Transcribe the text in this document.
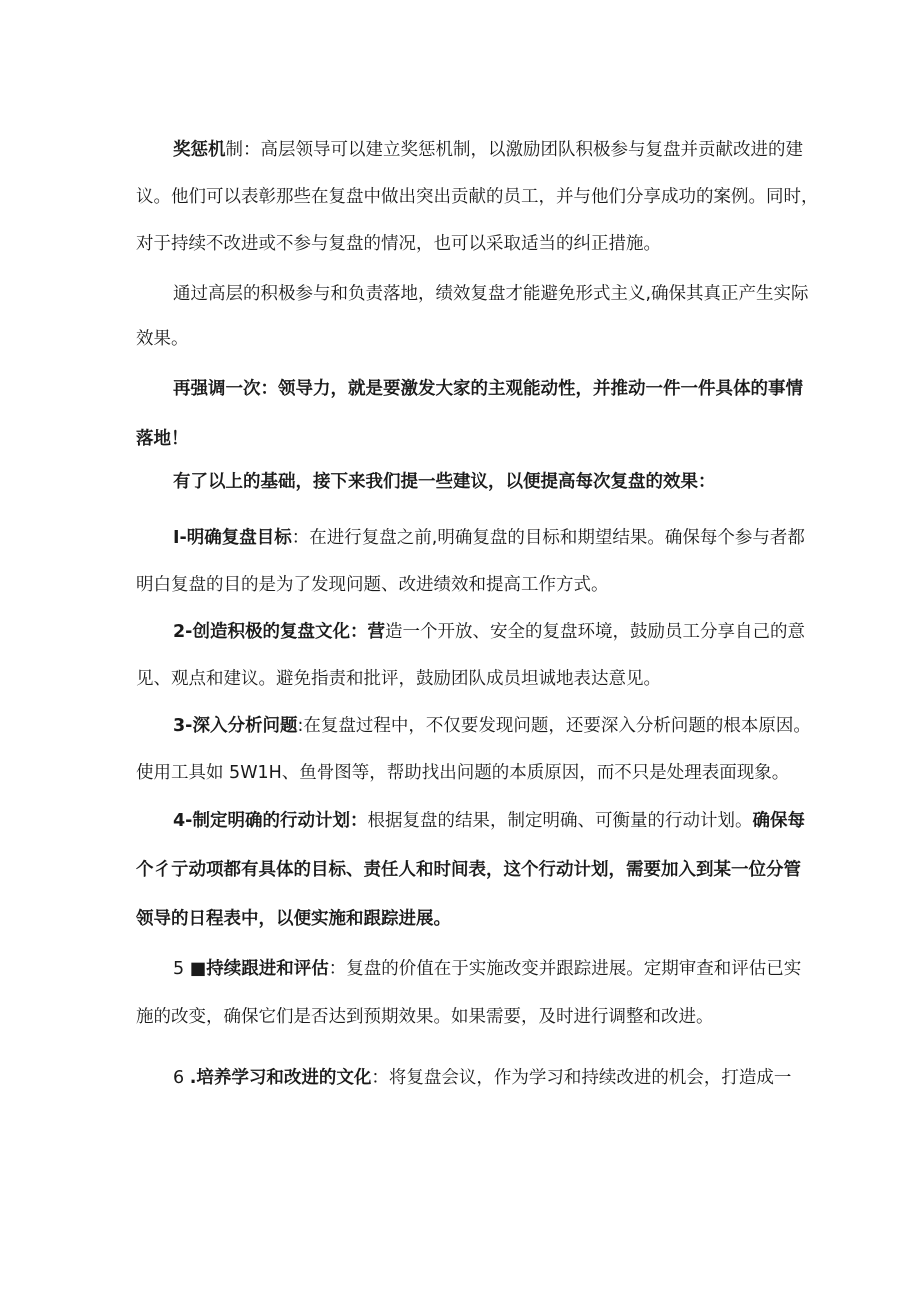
奖惩机制：高层领导可以建立奖惩机制，以激励团队积极参与复盘并贡献改进的建
议。他们可以表彰那些在复盘中做出突出贡献的员工，并与他们分享成功的案例。同时，
对于持续不改进或不参与复盘的情况，也可以采取适当的纠正措施。

通过高层的积极参与和负责落地，绩效复盘才能避免形式主义,确保其真正产生实际
效果。

再强调一次：领导力，就是要激发大家的主观能动性，并推动一件一件具体的事情
落地！

有了以上的基础，接下来我们提一些建议，以便提高每次复盘的效果：

I-明确复盘目标：在进行复盘之前,明确复盘的目标和期望结果。确保每个参与者都
明白复盘的目的是为了发现问题、改进绩效和提高工作方式。

2-创造积极的复盘文化：营造一个开放、安全的复盘环境，鼓励员工分享自己的意
见、观点和建议。避免指责和批评，鼓励团队成员坦诚地表达意见。

3-深入分析问题:在复盘过程中，不仅要发现问题，还要深入分析问题的根本原因。
使用工具如 5W1H、鱼骨图等，帮助找出问题的本质原因，而不只是处理表面现象。

4-制定明确的行动计划：根据复盘的结果，制定明确、可衡量的行动计划。确保每
个彳亍动项都有具体的目标、责任人和时间表，这个行动计划，需要加入到某一位分管
领导的日程表中，以便实施和跟踪进展。

5 ■持续跟进和评估：复盘的价值在于实施改变并跟踪进展。定期审查和评估已实
施的改变，确保它们是否达到预期效果。如果需要，及时进行调整和改进。

6 .培养学习和改进的文化：将复盘会议，作为学习和持续改进的机会，打造成一
